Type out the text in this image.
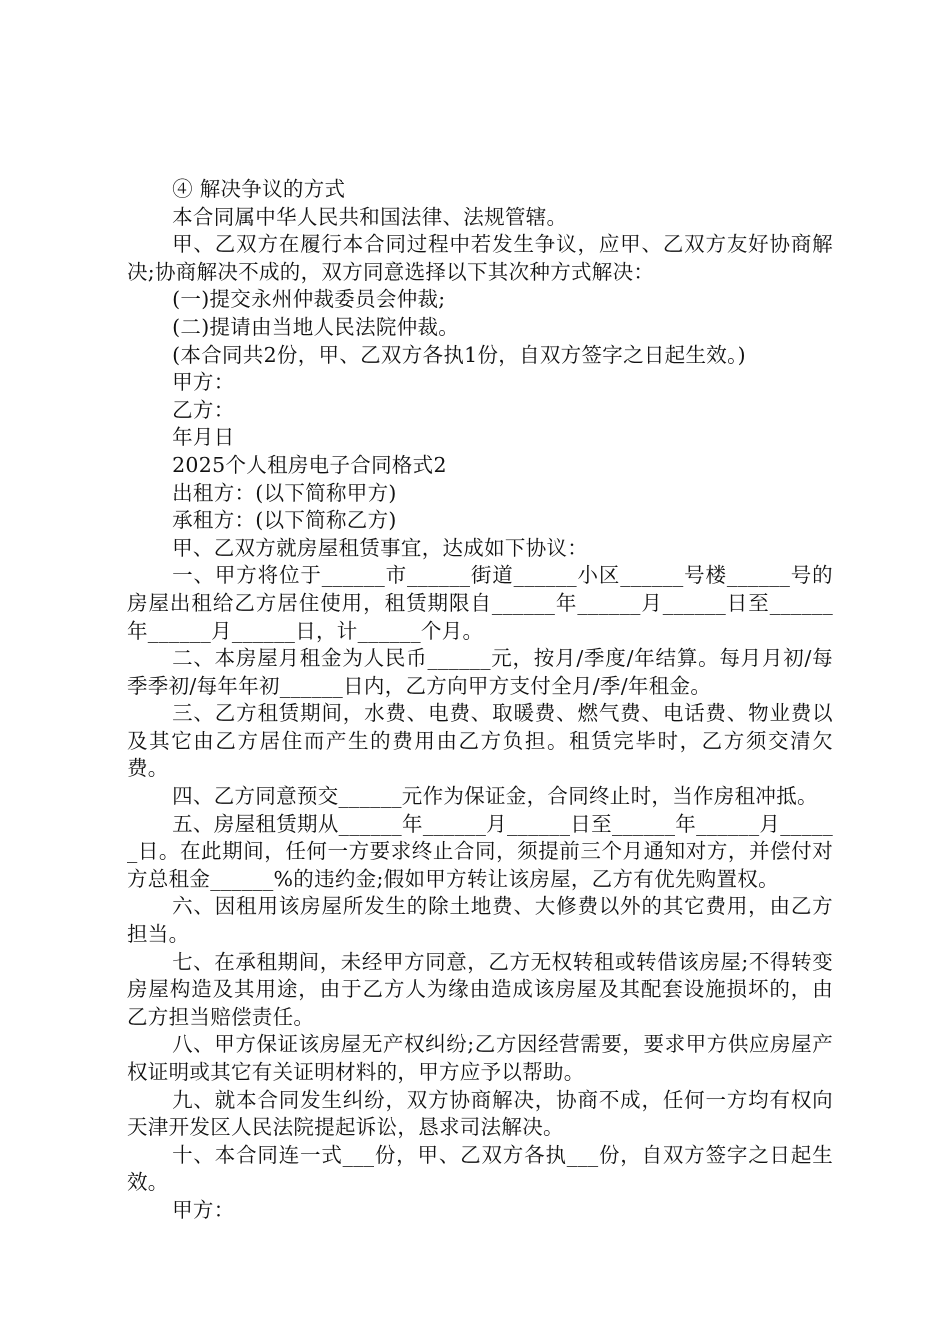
④ 解决争议的方式

本合同属中华人民共和国法律、法规管辖。

甲、乙双方在履行本合同过程中若发生争议，应甲、乙双方友好协商解决;协商解决不成的，双方同意选择以下其次种方式解决：

(一)提交永州仲裁委员会仲裁;

(二)提请由当地人民法院仲裁。

(本合同共2份，甲、乙双方各执1份，自双方签字之日起生效。)

甲方：

乙方：

年月日

2025个人租房电子合同格式2

出租方：(以下简称甲方)

承租方：(以下简称乙方)

甲、乙双方就房屋租赁事宜，达成如下协议：

一、甲方将位于______市______街道______小区______号楼______号的房屋出租给乙方居住使用，租赁期限自______年______月______日至______年______月______日，计______个月。

二、本房屋月租金为人民币______元，按月/季度/年结算。每月月初/每季季初/每年年初______日内，乙方向甲方支付全月/季/年租金。

三、乙方租赁期间，水费、电费、取暖费、燃气费、电话费、物业费以及其它由乙方居住而产生的费用由乙方负担。租赁完毕时，乙方须交清欠费。

四、乙方同意预交______元作为保证金，合同终止时，当作房租冲抵。

五、房屋租赁期从______年______月______日至______年______月______日。在此期间，任何一方要求终止合同，须提前三个月通知对方，并偿付对方总租金______%的违约金;假如甲方转让该房屋，乙方有优先购置权。

六、因租用该房屋所发生的除土地费、大修费以外的其它费用，由乙方担当。

七、在承租期间，未经甲方同意，乙方无权转租或转借该房屋;不得转变房屋构造及其用途，由于乙方人为缘由造成该房屋及其配套设施损坏的，由乙方担当赔偿责任。

八、甲方保证该房屋无产权纠纷;乙方因经营需要，要求甲方供应房屋产权证明或其它有关证明材料的，甲方应予以帮助。

九、就本合同发生纠纷，双方协商解决，协商不成，任何一方均有权向天津开发区人民法院提起诉讼，恳求司法解决。

十、本合同连一式___份，甲、乙双方各执___份，自双方签字之日起生效。

甲方：
